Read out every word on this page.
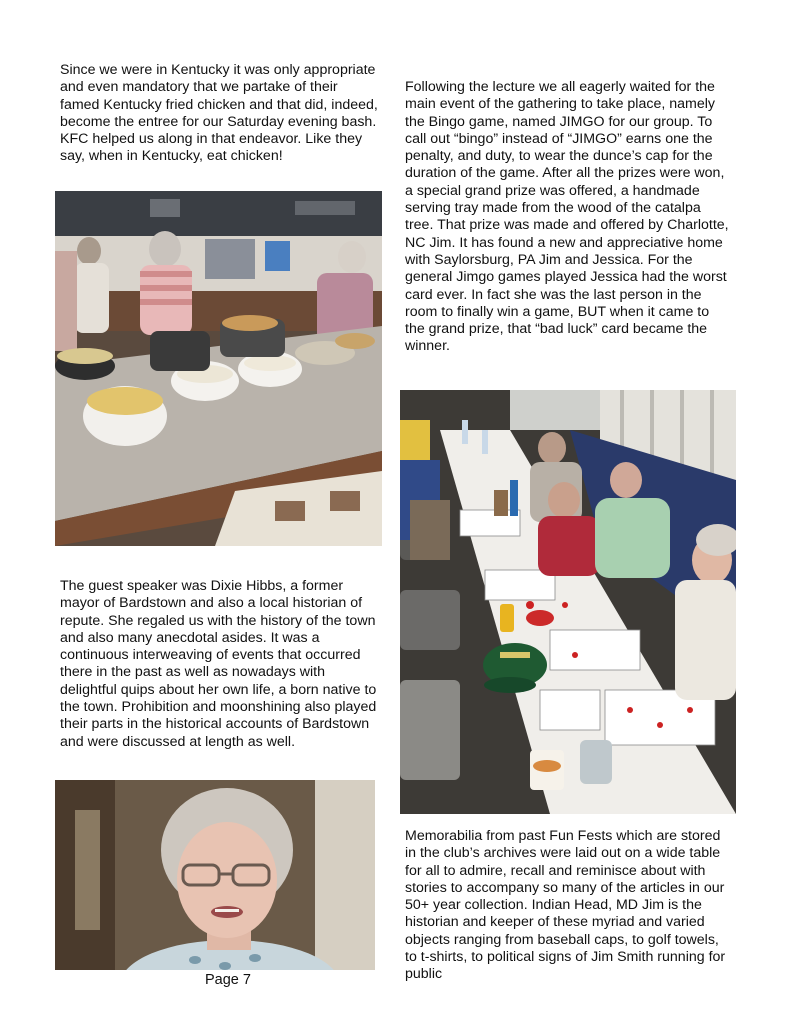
Since we were in Kentucky it was only appropriate and even mandatory that we partake of their famed Kentucky fried chicken and that did, indeed, become the entree for our Saturday evening bash. KFC helped us along in that endeavor. Like they say, when in Kentucky, eat chicken!

The guest speaker was Dixie Hibbs, a former mayor of Bardstown and also a local historian of repute. She regaled us with the history of the town and also many anecdotal asides. It was a continuous interweaving of events that occurred there in the past as well as nowadays with delightful quips about her own life, a born native to the town. Prohibition and moonshining also played their parts in the historical accounts of Bardstown and were discussed at length as well.

Page 7

Following the lecture we all eagerly waited for the main event of the gathering to take place, namely the Bingo game, named JIMGO for our group. To call out “bingo” instead of “JIMGO” earns one the penalty, and duty, to wear the dunce’s cap for the duration of the game. After all the prizes were won, a special grand prize was offered, a handmade serving tray made from the wood of the catalpa tree. That prize was made and offered by Charlotte, NC Jim. It has found a new and appreciative home with Saylorsburg, PA Jim and Jessica. For the general Jimgo games played Jessica had the worst card ever. In fact she was the last person in the room to finally win a game, BUT when it came to the grand prize, that “bad luck” card became the winner.

Memorabilia from past Fun Fests which are stored in the club’s archives were laid out on a wide table for all to admire, recall and reminisce about with stories to accompany so many of the articles in our 50+ year collection. Indian Head, MD Jim is the historian and keeper of these myriad and varied objects ranging from baseball caps, to golf towels, to t-shirts, to political signs of Jim Smith running for public
